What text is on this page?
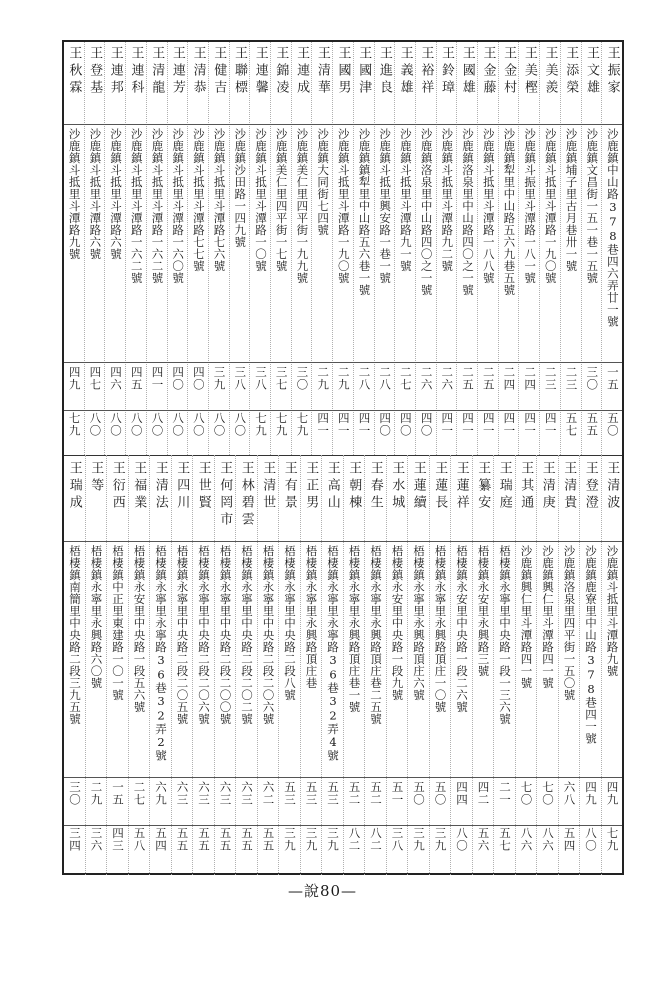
王振家
沙鹿鎮中山路378巷四六弄廿一號
一五
五〇
王文雄
沙鹿鎮文昌街一五一巷一五號
三〇
五五
王添榮
沙鹿鎮埔子里古月巷卅一號
二三
五七
王美羨
沙鹿鎮斗抵里斗潭路一九〇號
二三
四一
王美樫
沙鹿鎮斗振里斗潭路一八一號
二四
四一
王金村
沙鹿鎮犁里中山路五六九巷五號
二四
四一
王金藤
沙鹿鎮斗抵里斗潭路一八八號
二五
四一
王國雄
沙鹿鎮洛泉里中山路四〇之一號
二五
四一
王鈴璋
沙鹿鎮斗抵里斗潭路九二號
二六
四一
王裕祥
沙鹿鎮洛泉里中山路四〇之一號
二六
四〇
王義雄
沙鹿鎮斗抵里斗潭路九一號
二七
四〇
王進良
沙鹿鎮斗抵里興安路一巷一號
二八
四〇
王國津
沙鹿鎮鎮犁里中山路五六巷一號
二八
四一
王國男
沙鹿鎮斗抵里斗潭路一九〇號
二九
四一
王清華
沙鹿鎮大同街七四號
二九
四一
王連成
沙鹿鎮美仁里四平街一九九號
三〇
七九
王錦凌
沙鹿鎮美仁里四平街一七號
三七
七九
王連馨
沙鹿鎮斗抵里斗潭路一〇號
三八
七九
王聯標
沙鹿鎮沙田路一四九號
三八
八〇
王健吉
沙鹿鎮斗抵里斗潭路七六號
三九
八〇
王清恭
沙鹿鎮斗抵里斗潭路七七號
四〇
八〇
王連芳
沙鹿鎮斗抵里斗潭路一六〇號
四〇
八〇
王清龍
沙鹿鎮斗抵里斗潭路一六二號
四一
八〇
王連科
沙鹿鎮斗抵里斗潭路一六二號
四五
八〇
王連邦
沙鹿鎮斗抵里斗潭路六號
四六
八〇
王登基
沙鹿鎮斗抵里斗潭路六號
四七
八〇
王秋霖
沙鹿鎮斗抵里斗潭路九號
四九
七九
王清波
沙鹿鎮斗抵里斗潭路九號
四九
七九
王登澄
沙鹿鎮鹿寮里中山路378巷四一號
四九
八〇
王清貴
沙鹿鎮洛泉里四平街一五〇號
六八
五四
王清庚
沙鹿鎮興仁里斗潭路四一號
七〇
八六
王其通
沙鹿鎮興仁里斗潭路四一號
七〇
八六
王瑞庭
梧棲鎮永寧里中央路一段一三六號
二一
五七
王纂安
梧棲鎮永安里永興路三號
四二
五六
王蓮祥
梧棲鎮永安里中央路一段二六號
四四
八〇
王蓮長
梧棲鎮永寧里永興路頂庄一〇號
五〇
三九
王蓮續
梧棲鎮永寧里永興路頂庄六號
五〇
三九
王水城
梧棲鎮永安里中央路一段九號
五一
三八
王春生
梧棲鎮永寧里永興路頂庄巷二五號
五二
八二
王朝棟
梧棲鎮永寧里永興路頂庄巷一號
五二
八二
王高山
梧棲鎮永寧里永寧路36巷32弄4號
五三
三九
王正男
梧棲鎮永寧里永興路頂庄巷
五三
三九
王有景
梧棲鎮永寧里中央路二段八號
五三
三九
王清世
梧棲鎮永寧里中央路二段二〇六號
六二
五五
王林碧雲
梧棲鎮永寧里中央路二段二〇二號
六三
五五
王何罔市
梧棲鎮永寧里中央路二段二〇〇號
六三
五五
王世賢
梧棲鎮永寧里中央路二段二〇六號
六三
五五
王四川
梧棲鎮永寧里中央路二段二〇五號
六三
五五
王清法
梧棲鎮永寧里永寧路36巷32弄2號
六九
五四
王福業
梧棲鎮永安里中央路一段五六號
二七
五八
王衍西
梧棲鎮中正里東建路一〇一號
一五
四三
王等
梧棲鎮永寧里永興路六〇號
二九
三六
王瑞成
梧棲鎮南簡里中央路二段三九五號
三〇
三四
—說80—
